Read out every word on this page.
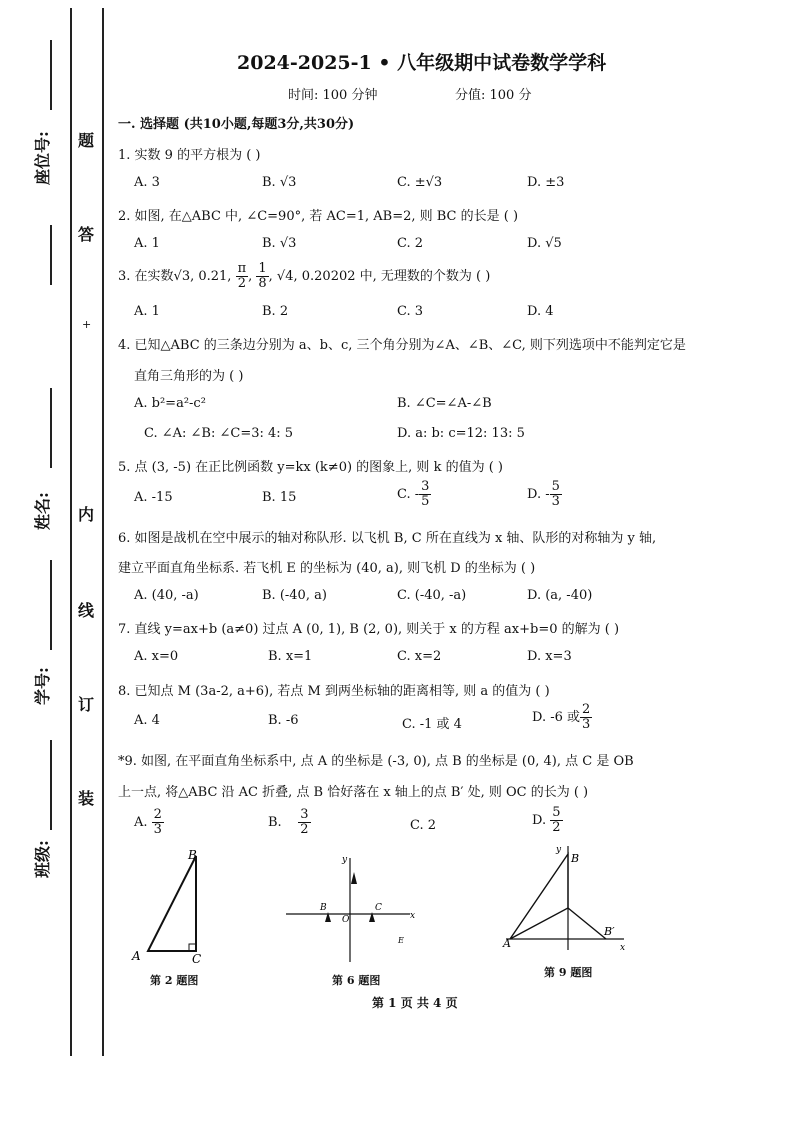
座位号:
姓名:
学号:
班级:
题
答
+
内
线
订
装
2024-2025-1 • 八年级期中试卷数学学科
时间: 100 分钟	分值: 100 分
一. 选择题 (共10小题,每题3分,共30分)
1. 实数 9 的平方根为 ( )
A. 3	B. √3	C. ±√3	D. ±3
2. 如图, 在△ABC 中, ∠C=90°, 若 AC=1, AB=2, 则 BC 的长是 ( )
A. 1	B. √3	C. 2	D. √5
3. 在实数√3, 0.21, $\frac{\pi}{2}$ , $\frac{1}{8}$ , √4, 0.20202 中, 无理数的个数为 ( )
A. 1	B. 2	C. 3	D. 4
4. 已知△ABC 的三条边分别为 a、b、c, 三个角分别为∠A、∠B、∠C, 则下列选项中不能判定它是
直角三角形的为 ( )
A. b²=a²-c²	B. ∠C=∠A-∠B
C. ∠A: ∠B: ∠C=3: 4: 5	D. a: b: c=12: 13: 5
5. 点 (3, -5) 在正比例函数 y=kx (k≠0) 的图象上, 则 k 的值为 ( )
A. -15	B. 15	C. - $\frac{3}{5}$	D. - $\frac{5}{3}$
6. 如图是战机在空中展示的轴对称队形. 以飞机 B, C 所在直线为 x 轴、队形的对称轴为 y 轴,
建立平面直角坐标系. 若飞机 E 的坐标为 (40, a), 则飞机 D 的坐标为 ( )
A. (40, -a)	B. (-40, a)	C. (-40, -a)	D. (a, -40)
7. 直线 y=ax+b (a≠0) 过点 A (0, 1), B (2, 0), 则关于 x 的方程 ax+b=0 的解为 ( )
A. x=0	B. x=1	C. x=2	D. x=3
8. 已知点 M (3a-2, a+6), 若点 M 到两坐标轴的距离相等, 则 a 的值为 ( )
A. 4	B. -6	C. -1 或 4	D. -6 或 $\frac{2}{3}$
*9. 如图, 在平面直角坐标系中, 点 A 的坐标是 (-3, 0), 点 B 的坐标是 (0, 4), 点 C 是 OB
上一点, 将△ABC 沿 AC 折叠, 点 B 恰好落在 x 轴上的点 B′ 处, 则 OC 的长为 ( )
A. $\frac{2}{3}$	B. $\frac{3}{2}$	C. 2	D. $\frac{5}{2}$
A
B
C
第 2 题图
y
x
O
B	C
E
第 6 题图
y
x
A
B
B′
第 9 题图
第 1 页 共 4 页
